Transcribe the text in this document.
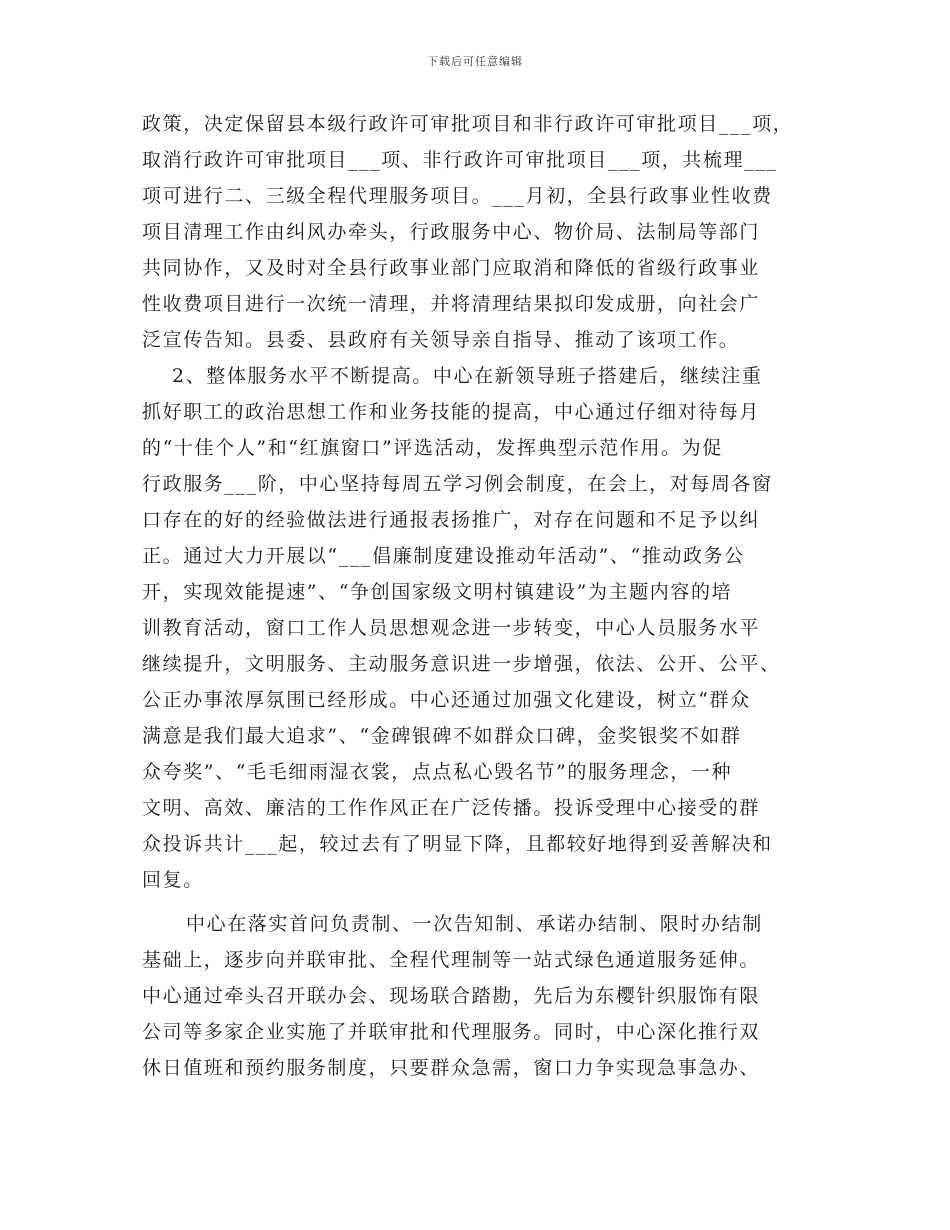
下载后可任意编辑
政策，决定保留县本级行政许可审批项目和非行政许可审批项目___项，
取消行政许可审批项目___项、非行政许可审批项目___项，共梳理___
项可进行二、三级全程代理服务项目。___月初，全县行政事业性收费
项目清理工作由纠风办牵头，行政服务中心、物价局、法制局等部门
共同协作，又及时对全县行政事业部门应取消和降低的省级行政事业
性收费项目进行一次统一清理，并将清理结果拟印发成册，向社会广
泛宣传告知。县委、县政府有关领导亲自指导、推动了该项工作。
2、整体服务水平不断提高。中心在新领导班子搭建后，继续注重
抓好职工的政治思想工作和业务技能的提高，中心通过仔细对待每月
的“十佳个人”和“红旗窗口”评选活动，发挥典型示范作用。为促
行政服务___阶，中心坚持每周五学习例会制度，在会上，对每周各窗
口存在的好的经验做法进行通报表扬推广，对存在问题和不足予以纠
正。通过大力开展以“___倡廉制度建设推动年活动”、“推动政务公
开，实现效能提速”、“争创国家级文明村镇建设”为主题内容的培
训教育活动，窗口工作人员思想观念进一步转变，中心人员服务水平
继续提升，文明服务、主动服务意识进一步增强，依法、公开、公平、
公正办事浓厚氛围已经形成。中心还通过加强文化建设，树立“群众
满意是我们最大追求”、“金碑银碑不如群众口碑，金奖银奖不如群
众夸奖”、“毛毛细雨湿衣裳，点点私心毁名节”的服务理念，一种
文明、高效、廉洁的工作作风正在广泛传播。投诉受理中心接受的群
众投诉共计___起，较过去有了明显下降，且都较好地得到妥善解决和
回复。
中心在落实首问负责制、一次告知制、承诺办结制、限时办结制
基础上，逐步向并联审批、全程代理制等一站式绿色通道服务延伸。
中心通过牵头召开联办会、现场联合踏勘，先后为东樱针织服饰有限
公司等多家企业实施了并联审批和代理服务。同时，中心深化推行双
休日值班和预约服务制度，只要群众急需，窗口力争实现急事急办、
